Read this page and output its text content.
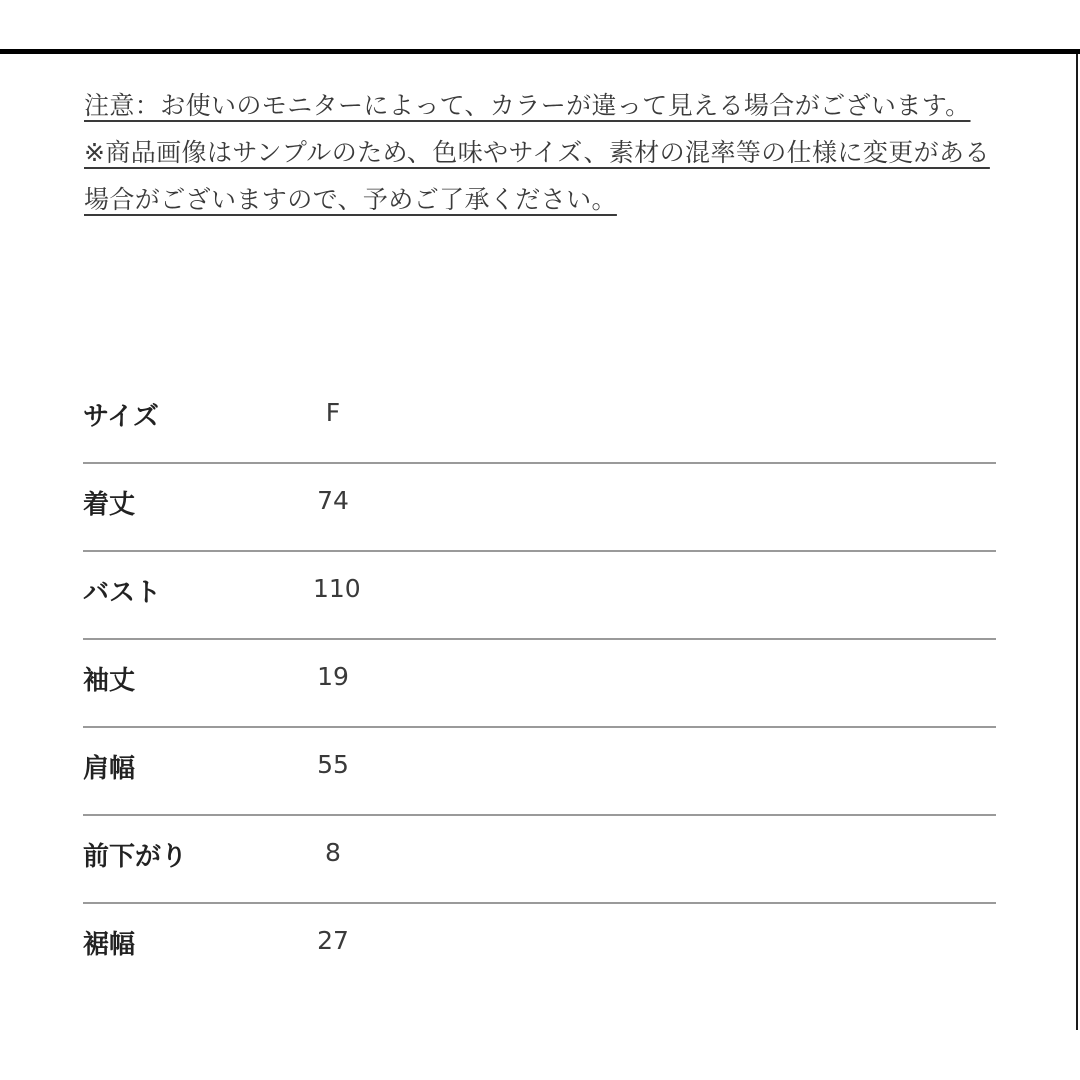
注意：お使いのモニターによって、カラーが違って見える場合がございます。

※商品画像はサンプルのため、色味やサイズ、素材の混率等の仕様に変更がある場合がございますので、予めご了承ください。

サイズ	F
着丈	74
バスト	110
袖丈	19
肩幅	55
前下がり	8
裾幅	27
